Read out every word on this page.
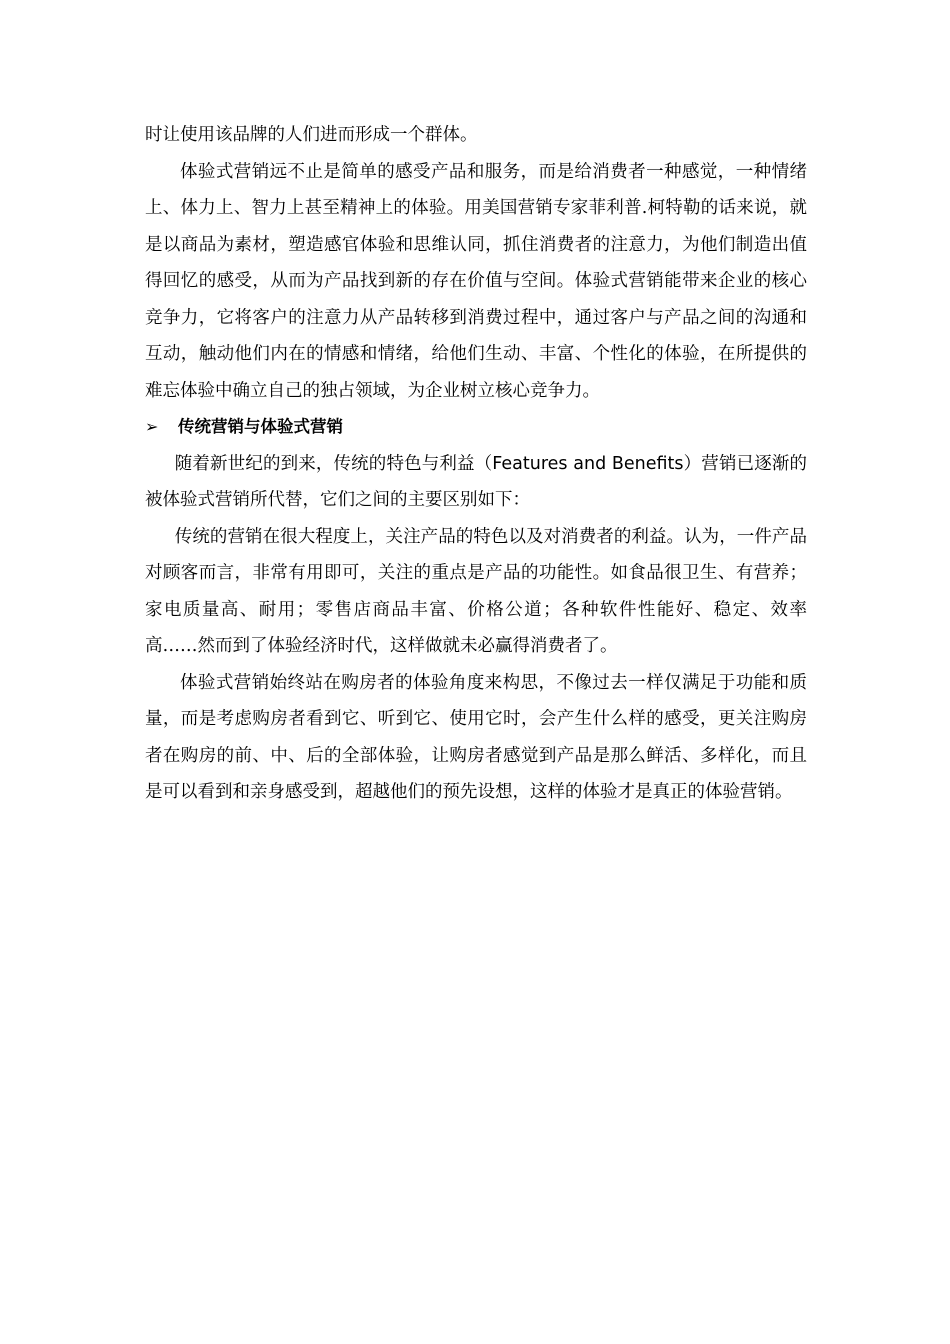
时让使用该品牌的人们进而形成一个群体。

体验式营销远不止是简单的感受产品和服务，而是给消费者一种感觉，一种情绪上、体力上、智力上甚至精神上的体验。用美国营销专家菲利普.柯特勒的话来说，就是以商品为素材，塑造感官体验和思维认同，抓住消费者的注意力，为他们制造出值得回忆的感受，从而为产品找到新的存在价值与空间。体验式营销能带来企业的核心竞争力，它将客户的注意力从产品转移到消费过程中，通过客户与产品之间的沟通和互动，触动他们内在的情感和情绪，给他们生动、丰富、个性化的体验，在所提供的难忘体验中确立自己的独占领域，为企业树立核心竞争力。

➢	传统营销与体验式营销

随着新世纪的到来，传统的特色与利益（Features and Benefits）营销已逐渐的被体验式营销所代替，它们之间的主要区别如下：

传统的营销在很大程度上，关注产品的特色以及对消费者的利益。认为，一件产品对顾客而言，非常有用即可，关注的重点是产品的功能性。如食品很卫生、有营养；家电质量高、耐用；零售店商品丰富、价格公道；各种软件性能好、稳定、效率高……然而到了体验经济时代，这样做就未必赢得消费者了。

体验式营销始终站在购房者的体验角度来构思，不像过去一样仅满足于功能和质量，而是考虑购房者看到它、听到它、使用它时，会产生什么样的感受，更关注购房者在购房的前、中、后的全部体验，让购房者感觉到产品是那么鲜活、多样化，而且是可以看到和亲身感受到，超越他们的预先设想，这样的体验才是真正的体验营销。
